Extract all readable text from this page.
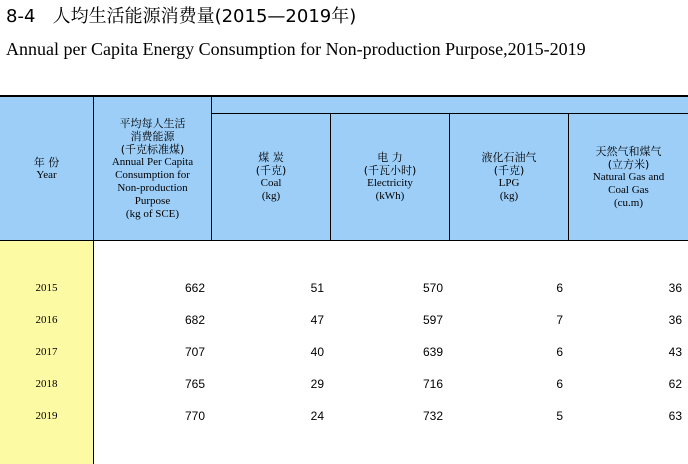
8-4 人均生活能源消费量(2015—2019年)
Annual per Capita Energy Consumption for Non-production Purpose,2015-2019
年 份
Year
平均每人生活
消费能源
(千克标准煤)
Annual Per Capita
Consumption for
Non-production
Purpose
(kg of SCE)
煤 炭
(千克)
Coal
(kg)
电 力
(千瓦小时)
Electricity
(kWh)
液化石油气
(千克)
LPG
(kg)
天然气和煤气
(立方米)
Natural Gas and
Coal Gas
(cu.m)
2015	662	51	570	6	36
2016	682	47	597	7	36
2017	707	40	639	6	43
2018	765	29	716	6	62
2019	770	24	732	5	63
